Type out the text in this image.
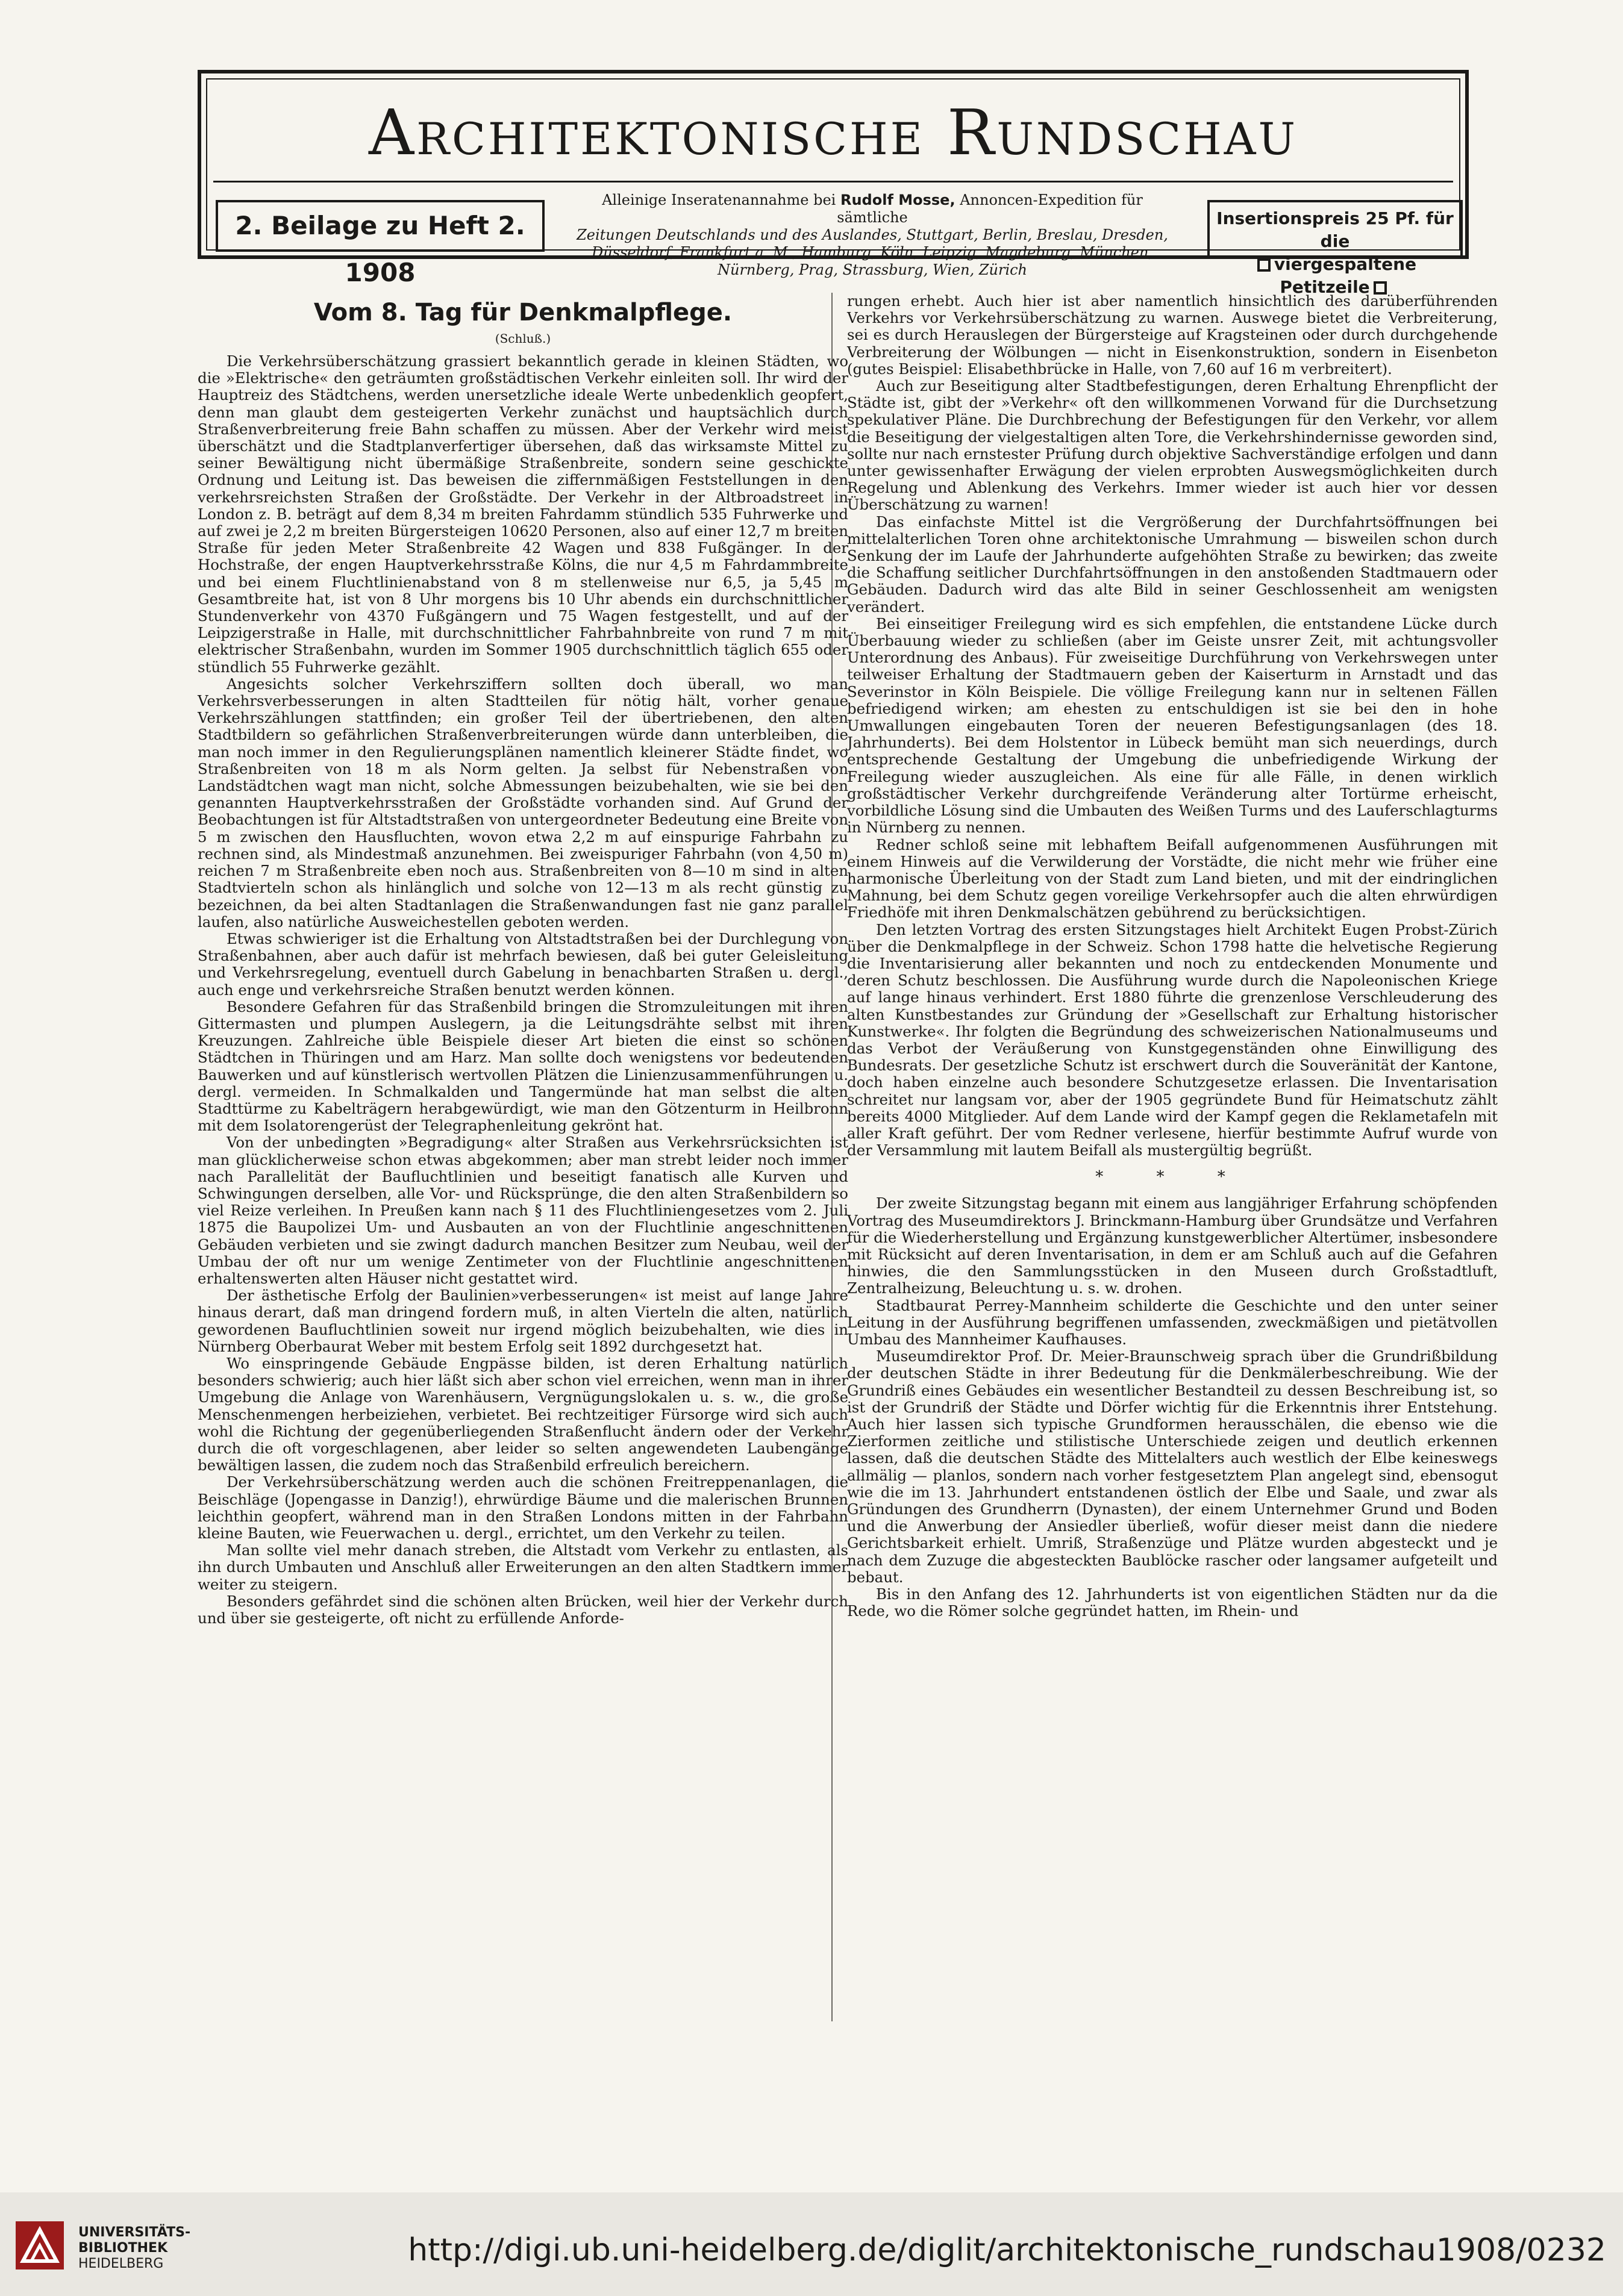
Architektonische Rundschau
2. Beilage zu Heft 2. 1908
Alleinige Inseratenannahme bei Rudolf Mosse, Annoncen-Expedition für sämtliche
Zeitungen Deutschlands und des Auslandes, Stuttgart, Berlin, Breslau, Dresden,
Düsseldorf, Frankfurt a. M., Hamburg, Köln, Leipzig, Magdeburg, München,
Nürnberg, Prag, Strassburg, Wien, Zürich
Insertionspreis 25 Pf. für die
viergespaltene Petitzeile
Vom 8. Tag für Denkmalpflege.
(Schluß.)

Die Verkehrsüberschätzung grassiert bekanntlich gerade in kleinen Städten, wo die »Elektrische« den geträumten großstädtischen Verkehr einleiten soll. Ihr wird der Hauptreiz des Städtchens, werden unersetzliche ideale Werte unbedenklich geopfert, denn man glaubt dem gesteigerten Verkehr zunächst und hauptsächlich durch Straßenverbreiterung freie Bahn schaffen zu müssen. Aber der Verkehr wird meist überschätzt und die Stadtplanverfertiger übersehen, daß das wirksamste Mittel zu seiner Bewältigung nicht übermäßige Straßenbreite, sondern seine geschickte Ordnung und Leitung ist. Das beweisen die ziffernmäßigen Feststellungen in den verkehrsreichsten Straßen der Großstädte. Der Verkehr in der Altbroadstreet in London z. B. beträgt auf dem 8,34 m breiten Fahrdamm stündlich 535 Fuhrwerke und auf zwei je 2,2 m breiten Bürgersteigen 10620 Personen, also auf einer 12,7 m breiten Straße für jeden Meter Straßenbreite 42 Wagen und 838 Fußgänger. In der Hochstraße, der engen Hauptverkehrsstraße Kölns, die nur 4,5 m Fahrdammbreite und bei einem Fluchtlinienabstand von 8 m stellenweise nur 6,5, ja 5,45 m Gesamtbreite hat, ist von 8 Uhr morgens bis 10 Uhr abends ein durchschnittlicher Stundenverkehr von 4370 Fußgängern und 75 Wagen festgestellt, und auf der Leipzigerstraße in Halle, mit durchschnittlicher Fahrbahnbreite von rund 7 m mit elektrischer Straßenbahn, wurden im Sommer 1905 durchschnittlich täglich 655 oder stündlich 55 Fuhrwerke gezählt.

Angesichts solcher Verkehrsziffern sollten doch überall, wo man Verkehrsverbesserungen in alten Stadtteilen für nötig hält, vorher genaue Verkehrszählungen stattfinden; ein großer Teil der übertriebenen, den alten Stadtbildern so gefährlichen Straßenverbreiterungen würde dann unterbleiben, die man noch immer in den Regulierungsplänen namentlich kleinerer Städte findet, wo Straßenbreiten von 18 m als Norm gelten. Ja selbst für Nebenstraßen von Landstädtchen wagt man nicht, solche Abmessungen beizubehalten, wie sie bei den genannten Hauptverkehrsstraßen der Großstädte vorhanden sind. Auf Grund der Beobachtungen ist für Altstadtstraßen von untergeordneter Bedeutung eine Breite von 5 m zwischen den Hausfluchten, wovon etwa 2,2 m auf einspurige Fahrbahn zu rechnen sind, als Mindestmaß anzunehmen. Bei zweispuriger Fahrbahn (von 4,50 m) reichen 7 m Straßenbreite eben noch aus. Straßenbreiten von 8—10 m sind in alten Stadtvierteln schon als hinlänglich und solche von 12—13 m als recht günstig zu bezeichnen, da bei alten Stadtanlagen die Straßenwandungen fast nie ganz parallel laufen, also natürliche Ausweichestellen geboten werden.

Etwas schwieriger ist die Erhaltung von Altstadtstraßen bei der Durchlegung von Straßenbahnen, aber auch dafür ist mehrfach bewiesen, daß bei guter Geleisleitung und Verkehrsregelung, eventuell durch Gabelung in benachbarten Straßen u. dergl., auch enge und verkehrsreiche Straßen benutzt werden können.

Besondere Gefahren für das Straßenbild bringen die Stromzuleitungen mit ihren Gittermasten und plumpen Auslegern, ja die Leitungsdrähte selbst mit ihren Kreuzungen. Zahlreiche üble Beispiele dieser Art bieten die einst so schönen Städtchen in Thüringen und am Harz. Man sollte doch wenigstens vor bedeutenden Bauwerken und auf künstlerisch wertvollen Plätzen die Linienzusammenführungen u. dergl. vermeiden. In Schmalkalden und Tangermünde hat man selbst die alten Stadttürme zu Kabelträgern herabgewürdigt, wie man den Götzenturm in Heilbronn mit dem Isolatorengerüst der Telegraphenleitung gekrönt hat.

Von der unbedingten »Begradigung« alter Straßen aus Verkehrsrücksichten ist man glücklicherweise schon etwas abgekommen; aber man strebt leider noch immer nach Parallelität der Baufluchtlinien und beseitigt fanatisch alle Kurven und Schwingungen derselben, alle Vor- und Rücksprünge, die den alten Straßenbildern so viel Reize verleihen. In Preußen kann nach § 11 des Fluchtliniengesetzes vom 2. Juli 1875 die Baupolizei Um- und Ausbauten an von der Fluchtlinie angeschnittenen Gebäuden verbieten und sie zwingt dadurch manchen Besitzer zum Neubau, weil der Umbau der oft nur um wenige Zentimeter von der Fluchtlinie angeschnittenen erhaltenswerten alten Häuser nicht gestattet wird.

Der ästhetische Erfolg der Baulinien»verbesserungen« ist meist auf lange Jahre hinaus derart, daß man dringend fordern muß, in alten Vierteln die alten, natürlich gewordenen Baufluchtlinien soweit nur irgend möglich beizubehalten, wie dies in Nürnberg Oberbaurat Weber mit bestem Erfolg seit 1892 durchgesetzt hat.

Wo einspringende Gebäude Engpässe bilden, ist deren Erhaltung natürlich besonders schwierig; auch hier läßt sich aber schon viel erreichen, wenn man in ihrer Umgebung die Anlage von Warenhäusern, Vergnügungslokalen u. s. w., die große Menschenmengen herbeiziehen, verbietet. Bei rechtzeitiger Fürsorge wird sich auch wohl die Richtung der gegenüberliegenden Straßenflucht ändern oder der Verkehr durch die oft vorgeschlagenen, aber leider so selten angewendeten Laubengänge bewältigen lassen, die zudem noch das Straßenbild erfreulich bereichern.

Der Verkehrsüberschätzung werden auch die schönen Freitreppenanlagen, die Beischläge (Jopengasse in Danzig!), ehrwürdige Bäume und die malerischen Brunnen leichthin geopfert, während man in den Straßen Londons mitten in der Fahrbahn kleine Bauten, wie Feuerwachen u. dergl., errichtet, um den Verkehr zu teilen.

Man sollte viel mehr danach streben, die Altstadt vom Verkehr zu entlasten, als ihn durch Umbauten und Anschluß aller Erweiterungen an den alten Stadtkern immer weiter zu steigern.

Besonders gefährdet sind die schönen alten Brücken, weil hier der Verkehr durch und über sie gesteigerte, oft nicht zu erfüllende Anforde-

rungen erhebt. Auch hier ist aber namentlich hinsichtlich des darüberführenden Verkehrs vor Verkehrsüberschätzung zu warnen. Auswege bietet die Verbreiterung, sei es durch Herauslegen der Bürgersteige auf Kragsteinen oder durch durchgehende Verbreiterung der Wölbungen — nicht in Eisenkonstruktion, sondern in Eisenbeton (gutes Beispiel: Elisabethbrücke in Halle, von 7,60 auf 16 m verbreitert).

Auch zur Beseitigung alter Stadtbefestigungen, deren Erhaltung Ehrenpflicht der Städte ist, gibt der »Verkehr« oft den willkommenen Vorwand für die Durchsetzung spekulativer Pläne. Die Durchbrechung der Befestigungen für den Verkehr, vor allem die Beseitigung der vielgestaltigen alten Tore, die Verkehrshindernisse geworden sind, sollte nur nach ernstester Prüfung durch objektive Sachverständige erfolgen und dann unter gewissenhafter Erwägung der vielen erprobten Auswegsmöglichkeiten durch Regelung und Ablenkung des Verkehrs. Immer wieder ist auch hier vor dessen Überschätzung zu warnen!

Das einfachste Mittel ist die Vergrößerung der Durchfahrtsöffnungen bei mittelalterlichen Toren ohne architektonische Umrahmung — bisweilen schon durch Senkung der im Laufe der Jahrhunderte aufgehöhten Straße zu bewirken; das zweite die Schaffung seitlicher Durchfahrtsöffnungen in den anstoßenden Stadtmauern oder Gebäuden. Dadurch wird das alte Bild in seiner Geschlossenheit am wenigsten verändert.

Bei einseitiger Freilegung wird es sich empfehlen, die entstandene Lücke durch Überbauung wieder zu schließen (aber im Geiste unsrer Zeit, mit achtungsvoller Unterordnung des Anbaus). Für zweiseitige Durchführung von Verkehrswegen unter teilweiser Erhaltung der Stadtmauern geben der Kaiserturm in Arnstadt und das Severinstor in Köln Beispiele. Die völlige Freilegung kann nur in seltenen Fällen befriedigend wirken; am ehesten zu entschuldigen ist sie bei den in hohe Umwallungen eingebauten Toren der neueren Befestigungsanlagen (des 18. Jahrhunderts). Bei dem Holstentor in Lübeck bemüht man sich neuerdings, durch entsprechende Gestaltung der Umgebung die unbefriedigende Wirkung der Freilegung wieder auszugleichen. Als eine für alle Fälle, in denen wirklich großstädtischer Verkehr durchgreifende Veränderung alter Tortürme erheischt, vorbildliche Lösung sind die Umbauten des Weißen Turms und des Lauferschlagturms in Nürnberg zu nennen.

Redner schloß seine mit lebhaftem Beifall aufgenommenen Ausführungen mit einem Hinweis auf die Verwilderung der Vorstädte, die nicht mehr wie früher eine harmonische Überleitung von der Stadt zum Land bieten, und mit der eindringlichen Mahnung, bei dem Schutz gegen voreilige Verkehrsopfer auch die alten ehrwürdigen Friedhöfe mit ihren Denkmalschätzen gebührend zu berücksichtigen.

Den letzten Vortrag des ersten Sitzungstages hielt Architekt Eugen Probst-Zürich über die Denkmalpflege in der Schweiz. Schon 1798 hatte die helvetische Regierung die Inventarisierung aller bekannten und noch zu entdeckenden Monumente und deren Schutz beschlossen. Die Ausführung wurde durch die Napoleonischen Kriege auf lange hinaus verhindert. Erst 1880 führte die grenzenlose Verschleuderung des alten Kunstbestandes zur Gründung der »Gesellschaft zur Erhaltung historischer Kunstwerke«. Ihr folgten die Begründung des schweizerischen Nationalmuseums und das Verbot der Veräußerung von Kunstgegenständen ohne Einwilligung des Bundesrats. Der gesetzliche Schutz ist erschwert durch die Souveränität der Kantone, doch haben einzelne auch besondere Schutzgesetze erlassen. Die Inventarisation schreitet nur langsam vor, aber der 1905 gegründete Bund für Heimatschutz zählt bereits 4000 Mitglieder. Auf dem Lande wird der Kampf gegen die Reklametafeln mit aller Kraft geführt. Der vom Redner verlesene, hierfür bestimmte Aufruf wurde von der Versammlung mit lautem Beifall als mustergültig begrüßt.

* * *

Der zweite Sitzungstag begann mit einem aus langjähriger Erfahrung schöpfenden Vortrag des Museumdirektors J. Brinckmann-Hamburg über Grundsätze und Verfahren für die Wiederherstellung und Ergänzung kunstgewerblicher Altertümer, insbesondere mit Rücksicht auf deren Inventarisation, in dem er am Schluß auch auf die Gefahren hinwies, die den Sammlungsstücken in den Museen durch Großstadtluft, Zentralheizung, Beleuchtung u. s. w. drohen.

Stadtbaurat Perrey-Mannheim schilderte die Geschichte und den unter seiner Leitung in der Ausführung begriffenen umfassenden, zweckmäßigen und pietätvollen Umbau des Mannheimer Kaufhauses.

Museumdirektor Prof. Dr. Meier-Braunschweig sprach über die Grundrißbildung der deutschen Städte in ihrer Bedeutung für die Denkmälerbeschreibung. Wie der Grundriß eines Gebäudes ein wesentlicher Bestandteil zu dessen Beschreibung ist, so ist der Grundriß der Städte und Dörfer wichtig für die Erkenntnis ihrer Entstehung. Auch hier lassen sich typische Grundformen herausschälen, die ebenso wie die Zierformen zeitliche und stilistische Unterschiede zeigen und deutlich erkennen lassen, daß die deutschen Städte des Mittelalters auch westlich der Elbe keineswegs allmälig — planlos, sondern nach vorher festgesetztem Plan angelegt sind, ebensogut wie die im 13. Jahrhundert entstandenen östlich der Elbe und Saale, und zwar als Gründungen des Grundherrn (Dynasten), der einem Unternehmer Grund und Boden und die Anwerbung der Ansiedler überließ, wofür dieser meist dann die niedere Gerichtsbarkeit erhielt. Umriß, Straßenzüge und Plätze wurden abgesteckt und je nach dem Zuzuge die abgesteckten Baublöcke rascher oder langsamer aufgeteilt und bebaut.

Bis in den Anfang des 12. Jahrhunderts ist von eigentlichen Städten nur da die Rede, wo die Römer solche gegründet hatten, im Rhein- und

UNIVERSITÄTS-
BIBLIOTHEK
HEIDELBERG	http://digi.ub.uni-heidelberg.de/diglit/architektonische_rundschau1908/0232
